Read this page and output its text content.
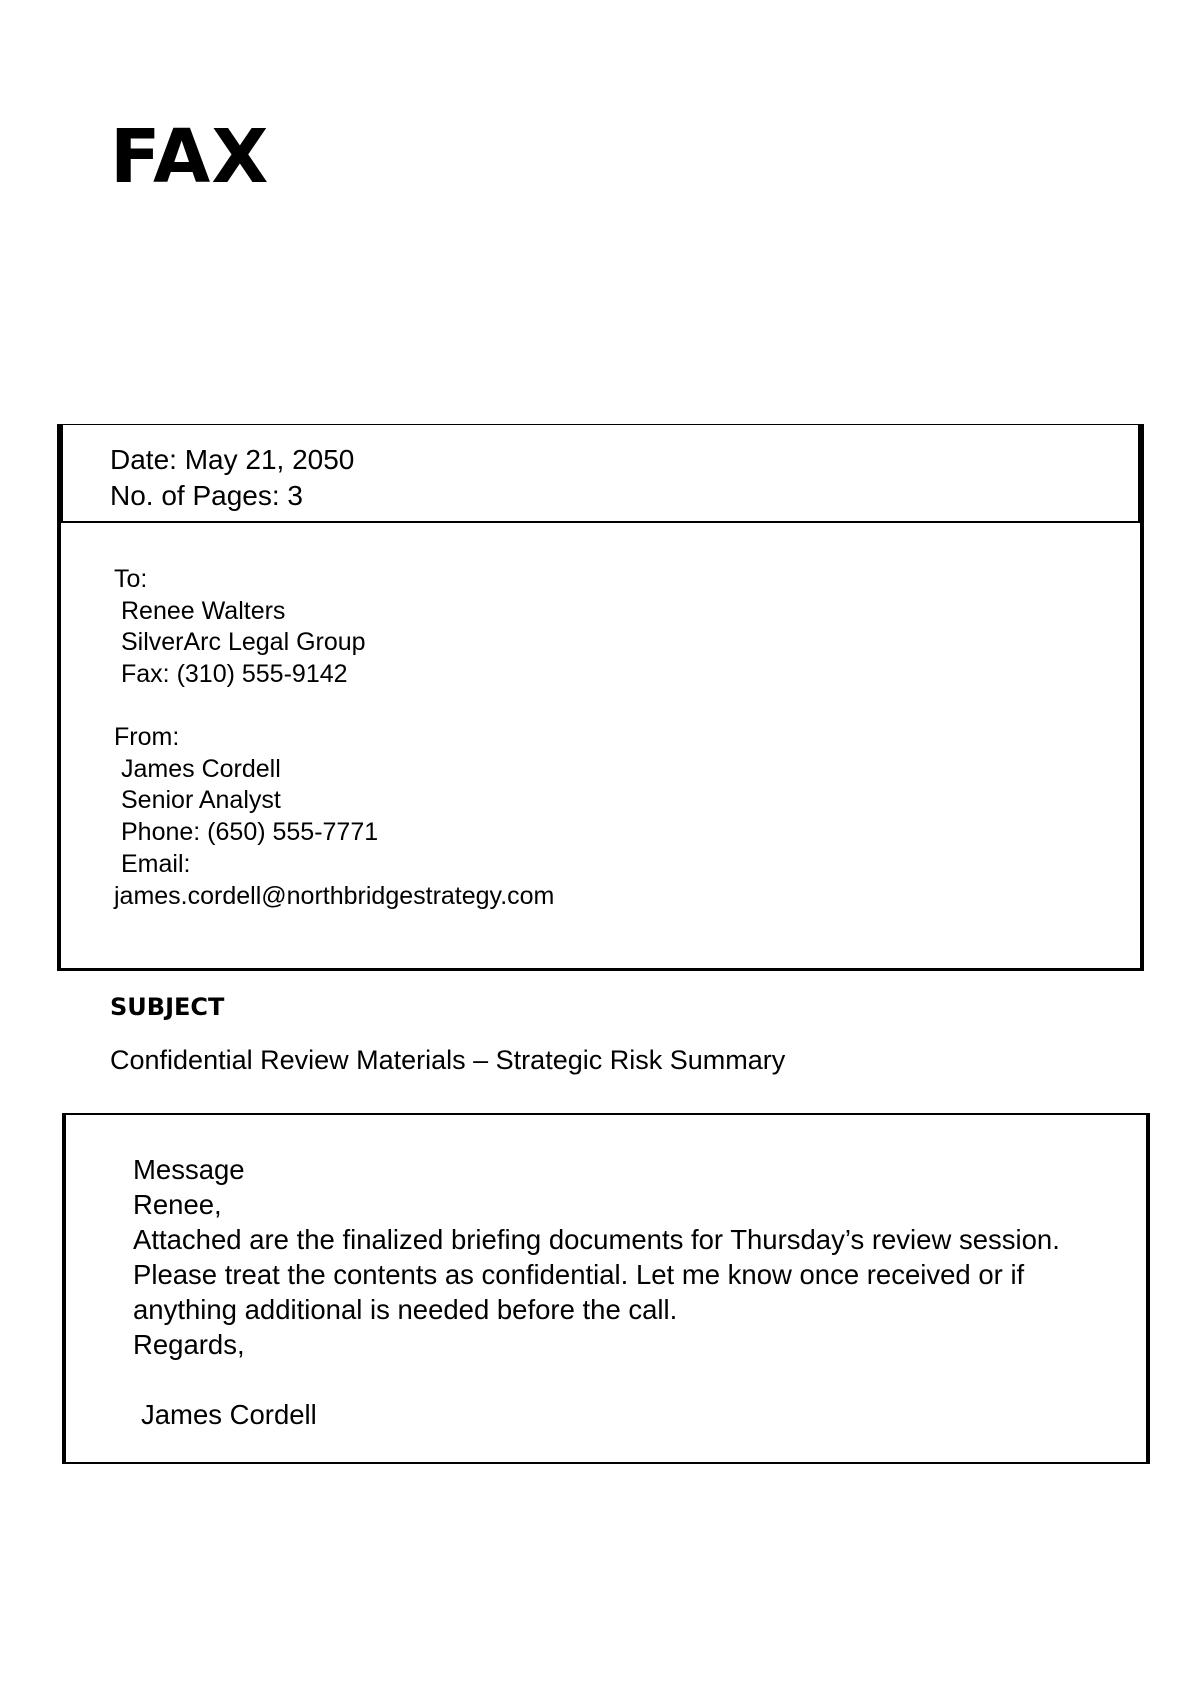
FAX
Date: May 21, 2050
No. of Pages: 3
To:
Renee Walters
SilverArc Legal Group
Fax: (310) 555-9142
From:
James Cordell
Senior Analyst
Phone: (650) 555-7771
Email:
james.cordell@northbridgestrategy.com
SUBJECT

Confidential Review Materials – Strategic Risk Summary

Message
Renee,
Attached are the finalized briefing documents for Thursday’s review session.
Please treat the contents as confidential. Let me know once received or if
anything additional is needed before the call.
Regards,
James Cordell
